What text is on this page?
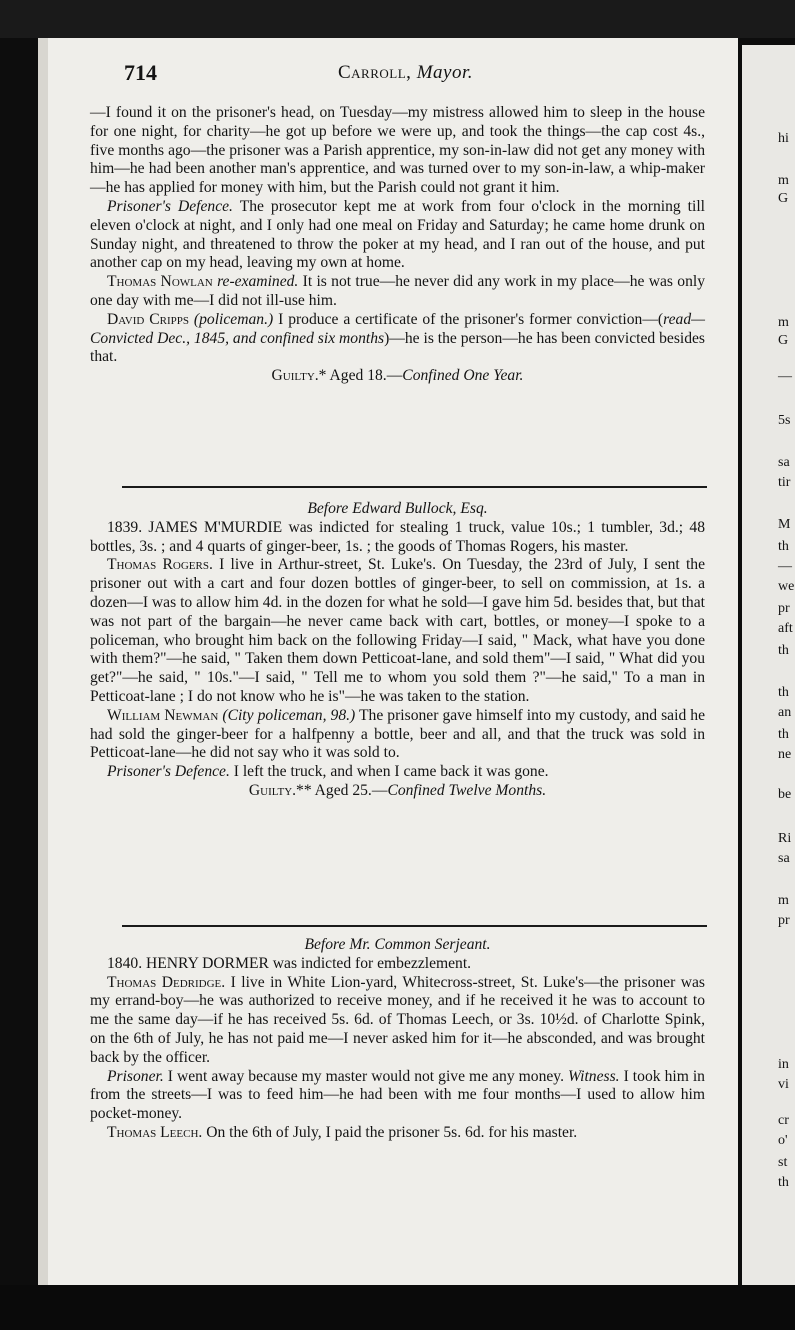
714	Carroll, Mayor.

—I found it on the prisoner's head, on Tuesday—my mistress allowed him to sleep in the house for one night, for charity—he got up before we were up, and took the things—the cap cost 4s., five months ago—the prisoner was a Parish apprentice, my son-in-law did not get any money with him—he had been another man's apprentice, and was turned over to my son-in-law, a whip-maker—he has applied for money with him, but the Parish could not grant it him.

Prisoner's Defence. The prosecutor kept me at work from four o'clock in the morning till eleven o'clock at night, and I only had one meal on Friday and Saturday; he came home drunk on Sunday night, and threatened to throw the poker at my head, and I ran out of the house, and put another cap on my head, leaving my own at home.

Thomas Nowlan re-examined. It is not true—he never did any work in my place—he was only one day with me—I did not ill-use him.

David Cripps (policeman.) I produce a certificate of the prisoner's former conviction—(read—Convicted Dec., 1845, and confined six months)—he is the person—he has been convicted besides that.

Guilty.* Aged 18.—Confined One Year.

Before Edward Bullock, Esq.

1839. JAMES M'MURDIE was indicted for stealing 1 truck, value 10s.; 1 tumbler, 3d.; 48 bottles, 3s. ; and 4 quarts of ginger-beer, 1s. ; the goods of Thomas Rogers, his master.

Thomas Rogers. I live in Arthur-street, St. Luke's. On Tuesday, the 23rd of July, I sent the prisoner out with a cart and four dozen bottles of ginger-beer, to sell on commission, at 1s. a dozen—I was to allow him 4d. in the dozen for what he sold—I gave him 5d. besides that, but that was not part of the bargain—he never came back with cart, bottles, or money—I spoke to a policeman, who brought him back on the following Friday—I said, " Mack, what have you done with them?"—he said, " Taken them down Petticoat-lane, and sold them"—I said, " What did you get?"—he said, " 10s."—I said, " Tell me to whom you sold them ?"—he said," To a man in Petticoat-lane ; I do not know who he is"—he was taken to the station.

William Newman (City policeman, 98.) The prisoner gave himself into my custody, and said he had sold the ginger-beer for a halfpenny a bottle, beer and all, and that the truck was sold in Petticoat-lane—he did not say who it was sold to.

Prisoner's Defence. I left the truck, and when I came back it was gone.

Guilty.** Aged 25.—Confined Twelve Months.

Before Mr. Common Serjeant.

1840. HENRY DORMER was indicted for embezzlement.

Thomas Dedridge. I live in White Lion-yard, Whitecross-street, St. Luke's—the prisoner was my errand-boy—he was authorized to receive money, and if he received it he was to account to me the same day—if he has received 5s. 6d. of Thomas Leech, or 3s. 10½d. of Charlotte Spink, on the 6th of July, he has not paid me—I never asked him for it—he absconded, and was brought back by the officer.

Prisoner. I went away because my master would not give me any money. Witness. I took him in from the streets—I was to feed him—he had been with me four months—I used to allow him pocket-money.

Thomas Leech. On the 6th of July, I paid the prisoner 5s. 6d. for his master.

hi
m
G
m
G
—
5s
sa
tir
M
th
—
we
pr
aft
th
th
an
th
ne
be
Ri
sa
m
pr
in
vi
cr
o'
st
th
